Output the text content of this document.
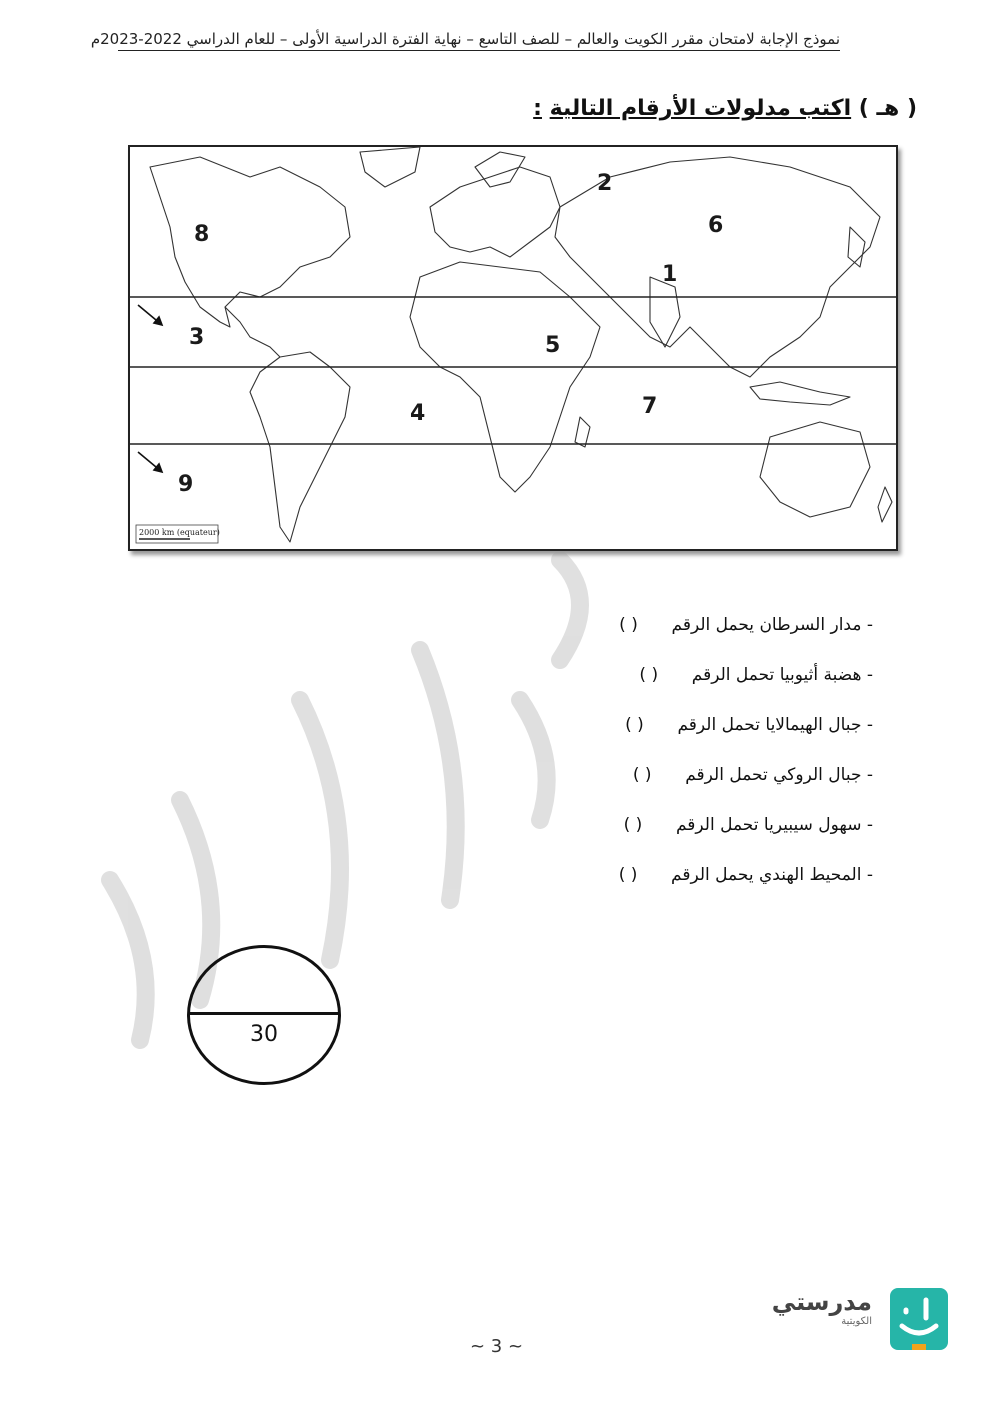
نموذج الإجابة لامتحان مقرر الكويت والعالم – للصف التاسع – نهاية الفترة الدراسية الأولى – للعام الدراسي 2022-2023م
( هـ ) اكتب مدلولات الأرقام التالية :
1
2
3
4
5
6
7
8
9
2000 km (equateur)
- مدار السرطان يحمل الرقم
( )
- هضبة أثيوبيا تحمل الرقم
( )
- جبال الهيمالايا تحمل الرقم
( )
- جبال الروكي تحمل الرقم
( )
- سهول سيبيريا تحمل الرقم
( )
- المحيط الهندي يحمل الرقم
( )
30
~ 3 ~
مدرستي
الكويتية
